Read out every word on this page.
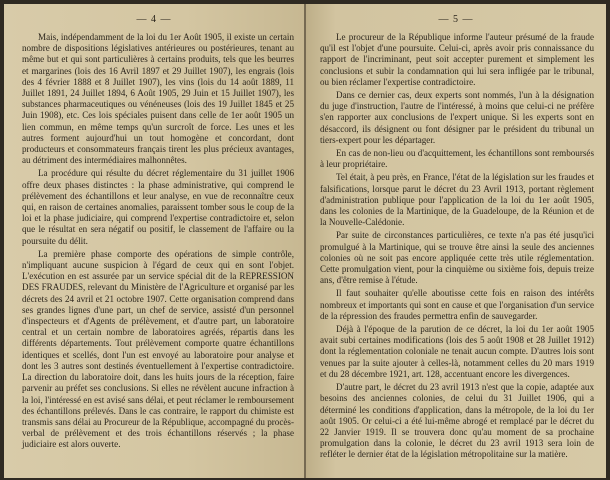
— 4 —

Mais, indépendamment de la loi du 1er Août 1905, il existe un certain nombre de dispositions législatives antérieures ou postérieures, tenant au même but et qui sont particulières à certains produits, tels que les beurres et margarines (lois des 16 Avril 1897 et 29 Juillet 1907), les engrais (lois des 4 février 1888 et 8 Juillet 1907), les vins (lois du 14 août 1889, 11 Juillet 1891, 24 Juillet 1894, 6 Août 1905, 29 Juin et 15 Juillet 1907), les substances pharmaceutiques ou vénéneuses (lois des 19 Juillet 1845 et 25 Juin 1908), etc. Ces lois spéciales puisent dans celle de 1er août 1905 un lien commun, en même temps qu'un surcroît de force. Les unes et les autres forment aujourd'hui un tout homogène et concordant, dont producteurs et consommateurs français tirent les plus précieux avantages, au détriment des intermédiaires malhonnêtes.

La procédure qui résulte du décret réglementaire du 31 juillet 1906 offre deux phases distinctes : la phase administrative, qui comprend le prélèvement des échantillons et leur analyse, en vue de reconnaître ceux qui, en raison de certaines anomalies, paraissent tomber sous le coup de la loi et la phase judiciaire, qui comprend l'expertise contradictoire et, selon que le résultat en sera négatif ou positif, le classement de l'affaire ou la poursuite du délit.

La première phase comporte des opérations de simple contrôle, n'impliquant aucune suspicion à l'égard de ceux qui en sont l'objet. L'exécution en est assurée par un service spécial dit de la REPRESSION DES FRAUDES, relevant du Ministère de l'Agriculture et organisé par les décrets des 24 avril et 21 octobre 1907. Cette organisation comprend dans ses grandes lignes d'une part, un chef de service, assisté d'un personnel d'inspecteurs et d'Agents de prélèvement, et d'autre part, un laboratoire central et un certain nombre de laboratoires agréés, répartis dans les différents départements. Tout prélèvement comporte quatre échantillons identiques et scellés, dont l'un est envoyé au laboratoire pour analyse et dont les 3 autres sont destinés éventuellement à l'expertise contradictoire. La direction du laboratoire doit, dans les huits jours de la réception, faire parvenir au préfet ses conclusions. Si elles ne révèlent aucune infraction à la loi, l'intéressé en est avisé sans délai, et peut réclamer le remboursement des échantillons prélevés. Dans le cas contraire, le rapport du chimiste est transmis sans délai au Procureur de la République, accompagné du procès-verbal de prélèvement et des trois échantillons réservés ; la phase judiciaire est alors ouverte.

— 5 —

Le procureur de la République informe l'auteur présumé de la fraude qu'il est l'objet d'une poursuite. Celui-ci, après avoir pris connaissance du rapport de l'incriminant, peut soit accepter purement et simplement les conclusions et subir la condamnation qui lui sera infligée par le tribunal, ou bien réclamer l'expertise contradictoire.

Dans ce dernier cas, deux experts sont nommés, l'un à la désignation du juge d'instruction, l'autre de l'intéressé, à moins que celui-ci ne préfère s'en rapporter aux conclusions de l'expert unique. Si les experts sont en désaccord, ils désignent ou font désigner par le président du tribunal un tiers-expert pour les départager.

En cas de non-lieu ou d'acquittement, les échantillons sont remboursés à leur propriétaire.

Tel était, à peu près, en France, l'état de la législation sur les fraudes et falsifications, lorsque parut le décret du 23 Avril 1913, portant règlement d'administration publique pour l'application de la loi du 1er août 1905, dans les colonies de la Martinique, de la Guadeloupe, de la Réunion et de la Nouvelle-Calédonie.

Par suite de circonstances particulières, ce texte n'a pas été jusqu'ici promulgué à la Martinique, qui se trouve être ainsi la seule des anciennes colonies où ne soit pas encore appliquée cette très utile réglementation. Cette promulgation vient, pour la cinquième ou sixième fois, depuis treize ans, d'être remise à l'étude.

Il faut souhaiter qu'elle aboutisse cette fois en raison des intérêts nombreux et importants qui sont en cause et que l'organisation d'un service de la répression des fraudes permettra enfin de sauvegarder.

Déjà à l'époque de la parution de ce décret, la loi du 1er août 1905 avait subi certaines modifications (lois des 5 août 1908 et 28 Juillet 1912) dont la réglementation coloniale ne tenait aucun compte. D'autres lois sont venues par la suite ajouter à celles-là, notamment celles du 20 mars 1919 et du 28 décembre 1921, art. 128, accentuant encore les divergences.

D'autre part, le décret du 23 avril 1913 n'est que la copie, adaptée aux besoins des anciennes colonies, de celui du 31 Juillet 1906, qui a déterminé les conditions d'application, dans la métropole, de la loi du 1er août 1905. Or celui-ci a été lui-même abrogé et remplacé par le décret du 22 Janvier 1919. Il se trouvera donc qu'au moment de sa prochaine promulgation dans la colonie, le décret du 23 avril 1913 sera loin de refléter le dernier état de la législation métropolitaine sur la matière.
